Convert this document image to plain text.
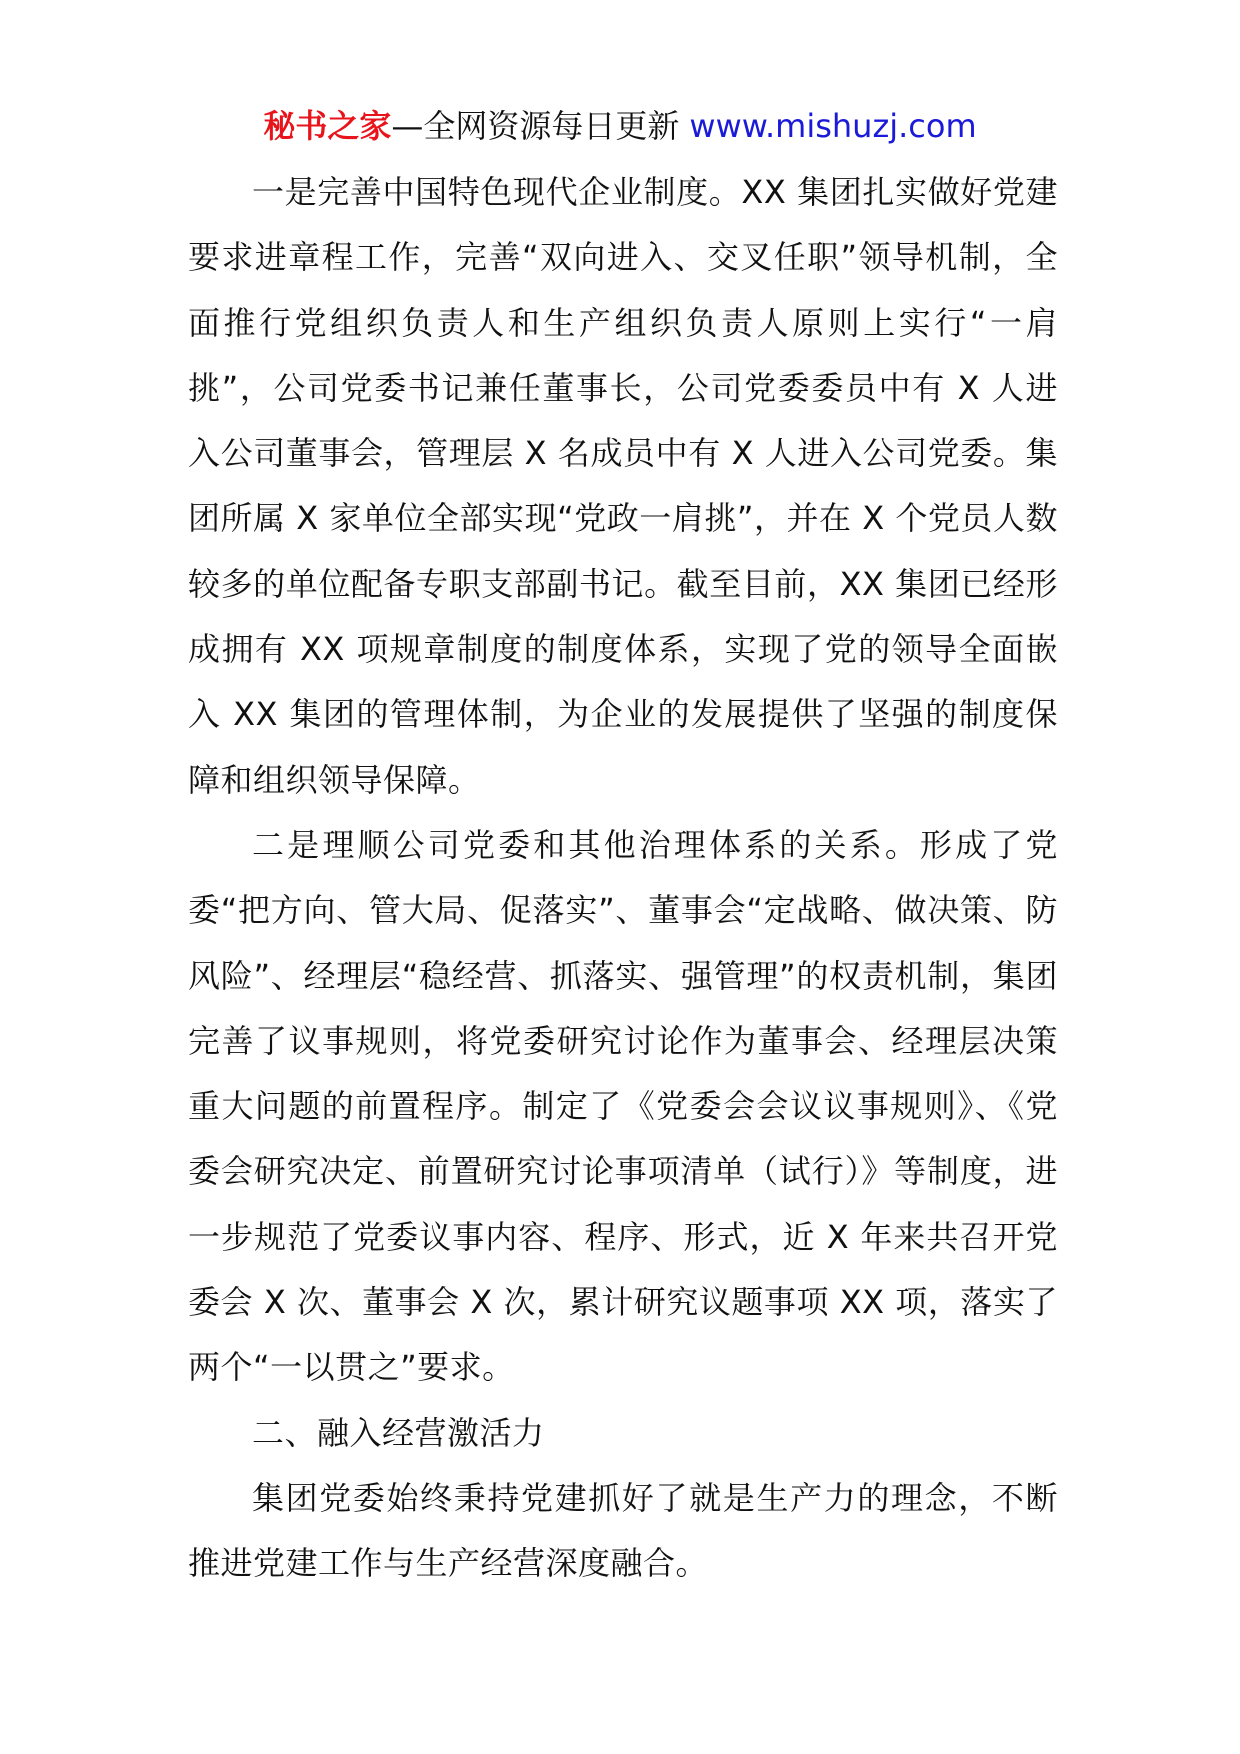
秘书之家—全网资源每日更新 www.mishuzj.com

一是完善中国特色现代企业制度。XX 集团扎实做好党建要求进章程工作，完善“双向进入、交叉任职”领导机制，全面推行党组织负责人和生产组织负责人原则上实行“一肩挑”，公司党委书记兼任董事长，公司党委委员中有 X 人进入公司董事会，管理层 X 名成员中有 X 人进入公司党委。集团所属 X 家单位全部实现“党政一肩挑”，并在 X 个党员人数较多的单位配备专职支部副书记。截至目前，XX 集团已经形成拥有 XX 项规章制度的制度体系，实现了党的领导全面嵌入 XX 集团的管理体制，为企业的发展提供了坚强的制度保障和组织领导保障。

二是理顺公司党委和其他治理体系的关系。形成了党委“把方向、管大局、促落实”、董事会“定战略、做决策、防风险”、经理层“稳经营、抓落实、强管理”的权责机制，集团完善了议事规则，将党委研究讨论作为董事会、经理层决策重大问题的前置程序。制定了《党委会会议议事规则》、《党委会研究决定、前置研究讨论事项清单（试行）》等制度，进一步规范了党委议事内容、程序、形式，近 X 年来共召开党委会 X 次、董事会 X 次，累计研究议题事项 XX 项，落实了两个“一以贯之”要求。

二、融入经营激活力

集团党委始终秉持党建抓好了就是生产力的理念，不断推进党建工作与生产经营深度融合。
